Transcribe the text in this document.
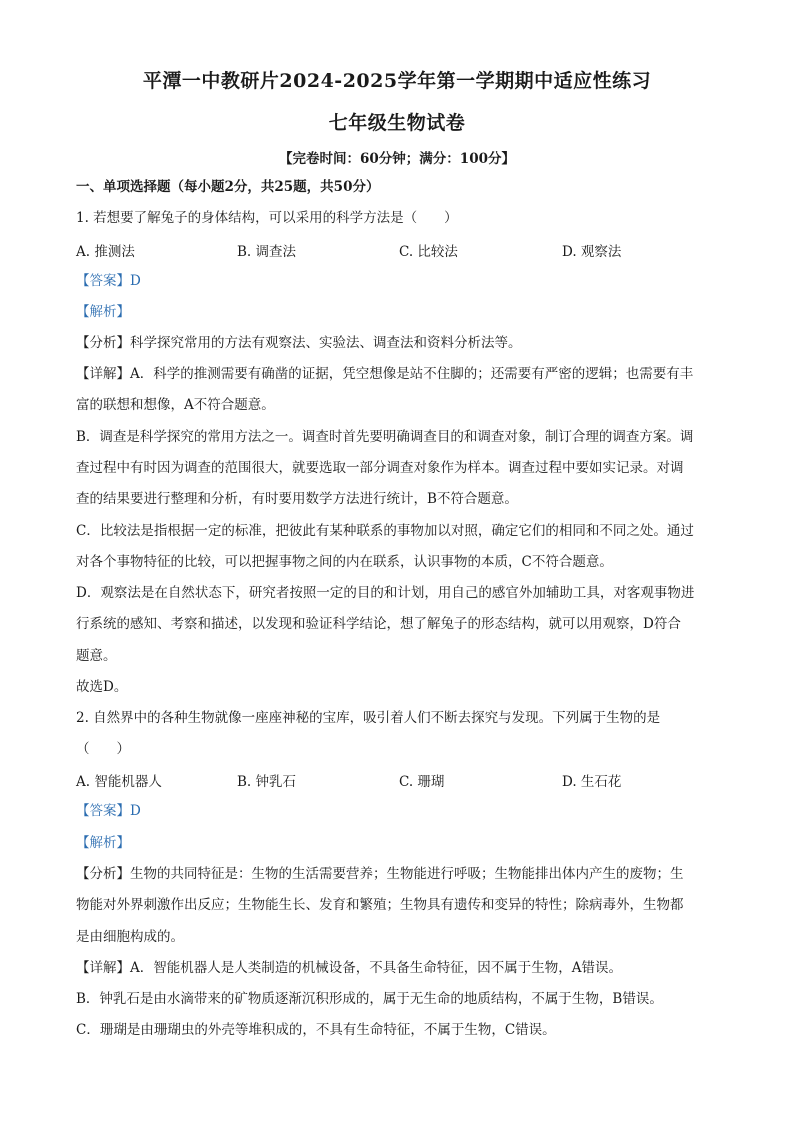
平潭一中教研片2024-2025学年第一学期期中适应性练习
七年级生物试卷
【完卷时间：60分钟；满分：100分】
一、单项选择题（每小题2分，共25题，共50分）
1. 若想要了解兔子的身体结构，可以采用的科学方法是（　　）
A. 推测法	B. 调查法	C. 比较法	D. 观察法
【答案】D
【解析】
【分析】科学探究常用的方法有观察法、实验法、调查法和资料分析法等。
【详解】A．科学的推测需要有确凿的证据，凭空想像是站不住脚的；还需要有严密的逻辑；也需要有丰
富的联想和想像，A不符合题意。
B．调查是科学探究的常用方法之一。调查时首先要明确调查目的和调查对象，制订合理的调查方案。调
查过程中有时因为调查的范围很大，就要选取一部分调查对象作为样本。调查过程中要如实记录。对调
查的结果要进行整理和分析，有时要用数学方法进行统计，B不符合题意。
C．比较法是指根据一定的标准，把彼此有某种联系的事物加以对照，确定它们的相同和不同之处。通过
对各个事物特征的比较，可以把握事物之间的内在联系，认识事物的本质，C不符合题意。
D．观察法是在自然状态下，研究者按照一定的目的和计划，用自己的感官外加辅助工具，对客观事物进
行系统的感知、考察和描述，以发现和验证科学结论，想了解兔子的形态结构，就可以用观察，D符合
题意。
故选D。
2. 自然界中的各种生物就像一座座神秘的宝库，吸引着人们不断去探究与发现。下列属于生物的是
（　　）
A. 智能机器人	B. 钟乳石	C. 珊瑚	D. 生石花
【答案】D
【解析】
【分析】生物的共同特征是：生物的生活需要营养；生物能进行呼吸；生物能排出体内产生的废物；生
物能对外界刺激作出反应；生物能生长、发育和繁殖；生物具有遗传和变异的特性；除病毒外，生物都
是由细胞构成的。
【详解】A．智能机器人是人类制造的机械设备，不具备生命特征，因不属于生物，A错误。
B．钟乳石是由水滴带来的矿物质逐渐沉积形成的，属于无生命的地质结构，不属于生物，B错误。
C．珊瑚是由珊瑚虫的外壳等堆积成的，不具有生命特征，不属于生物，C错误。
